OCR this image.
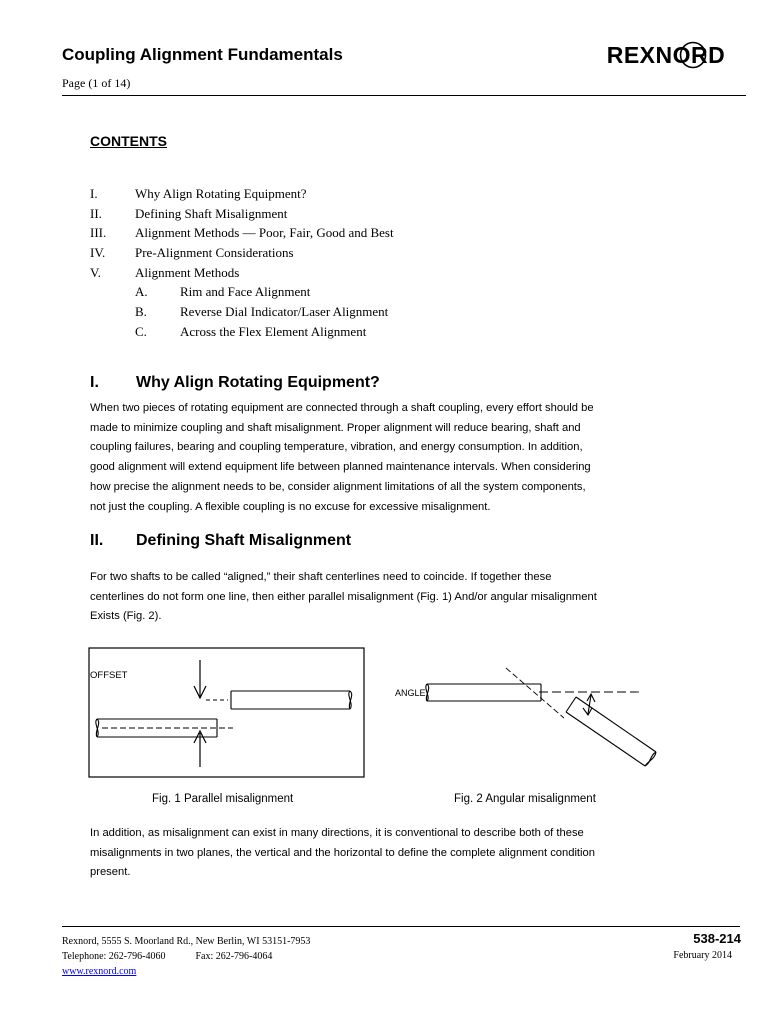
Coupling Alignment Fundamentals
Page (1 of 14)
REXNORD
CONTENTS
I.	Why Align Rotating Equipment?
II.	Defining Shaft Misalignment
III. Alignment Methods — Poor, Fair, Good and Best
IV. Pre-Alignment Considerations
V.	Alignment Methods
A. Rim and Face Alignment
B.	Reverse Dial Indicator/Laser Alignment
C.	Across the Flex Element Alignment
I. Why Align Rotating Equipment?
When two pieces of rotating equipment are connected through a shaft coupling, every effort should be
made to minimize coupling and shaft misalignment. Proper alignment will reduce bearing, shaft and
coupling failures, bearing and coupling temperature, vibration, and energy consumption. In addition,
good alignment will extend equipment life between planned maintenance intervals. When considering
how precise the alignment needs to be, consider alignment limitations of all the system components,
not just the coupling. A flexible coupling is no excuse for excessive misalignment.
II. Defining Shaft Misalignment
For two shafts to be called “aligned,” their shaft centerlines need to coincide. If together these
centerlines do not form one line, then either parallel misalignment (Fig. 1) And/or angular misalignment
Exists (Fig. 2).
OFFSET
Fig. 1 Parallel misalignment
ANGLE
Fig. 2 Angular misalignment
In addition, as misalignment can exist in many directions, it is conventional to describe both of these
misalignments in two planes, the vertical and the horizontal to define the complete alignment condition
present.
Rexnord, 5555 S. Moorland Rd., New Berlin, WI 53151-7953
Telephone: 262-796-4060	Fax: 262-796-4064
www.rexnord.com
538-214
February 2014
